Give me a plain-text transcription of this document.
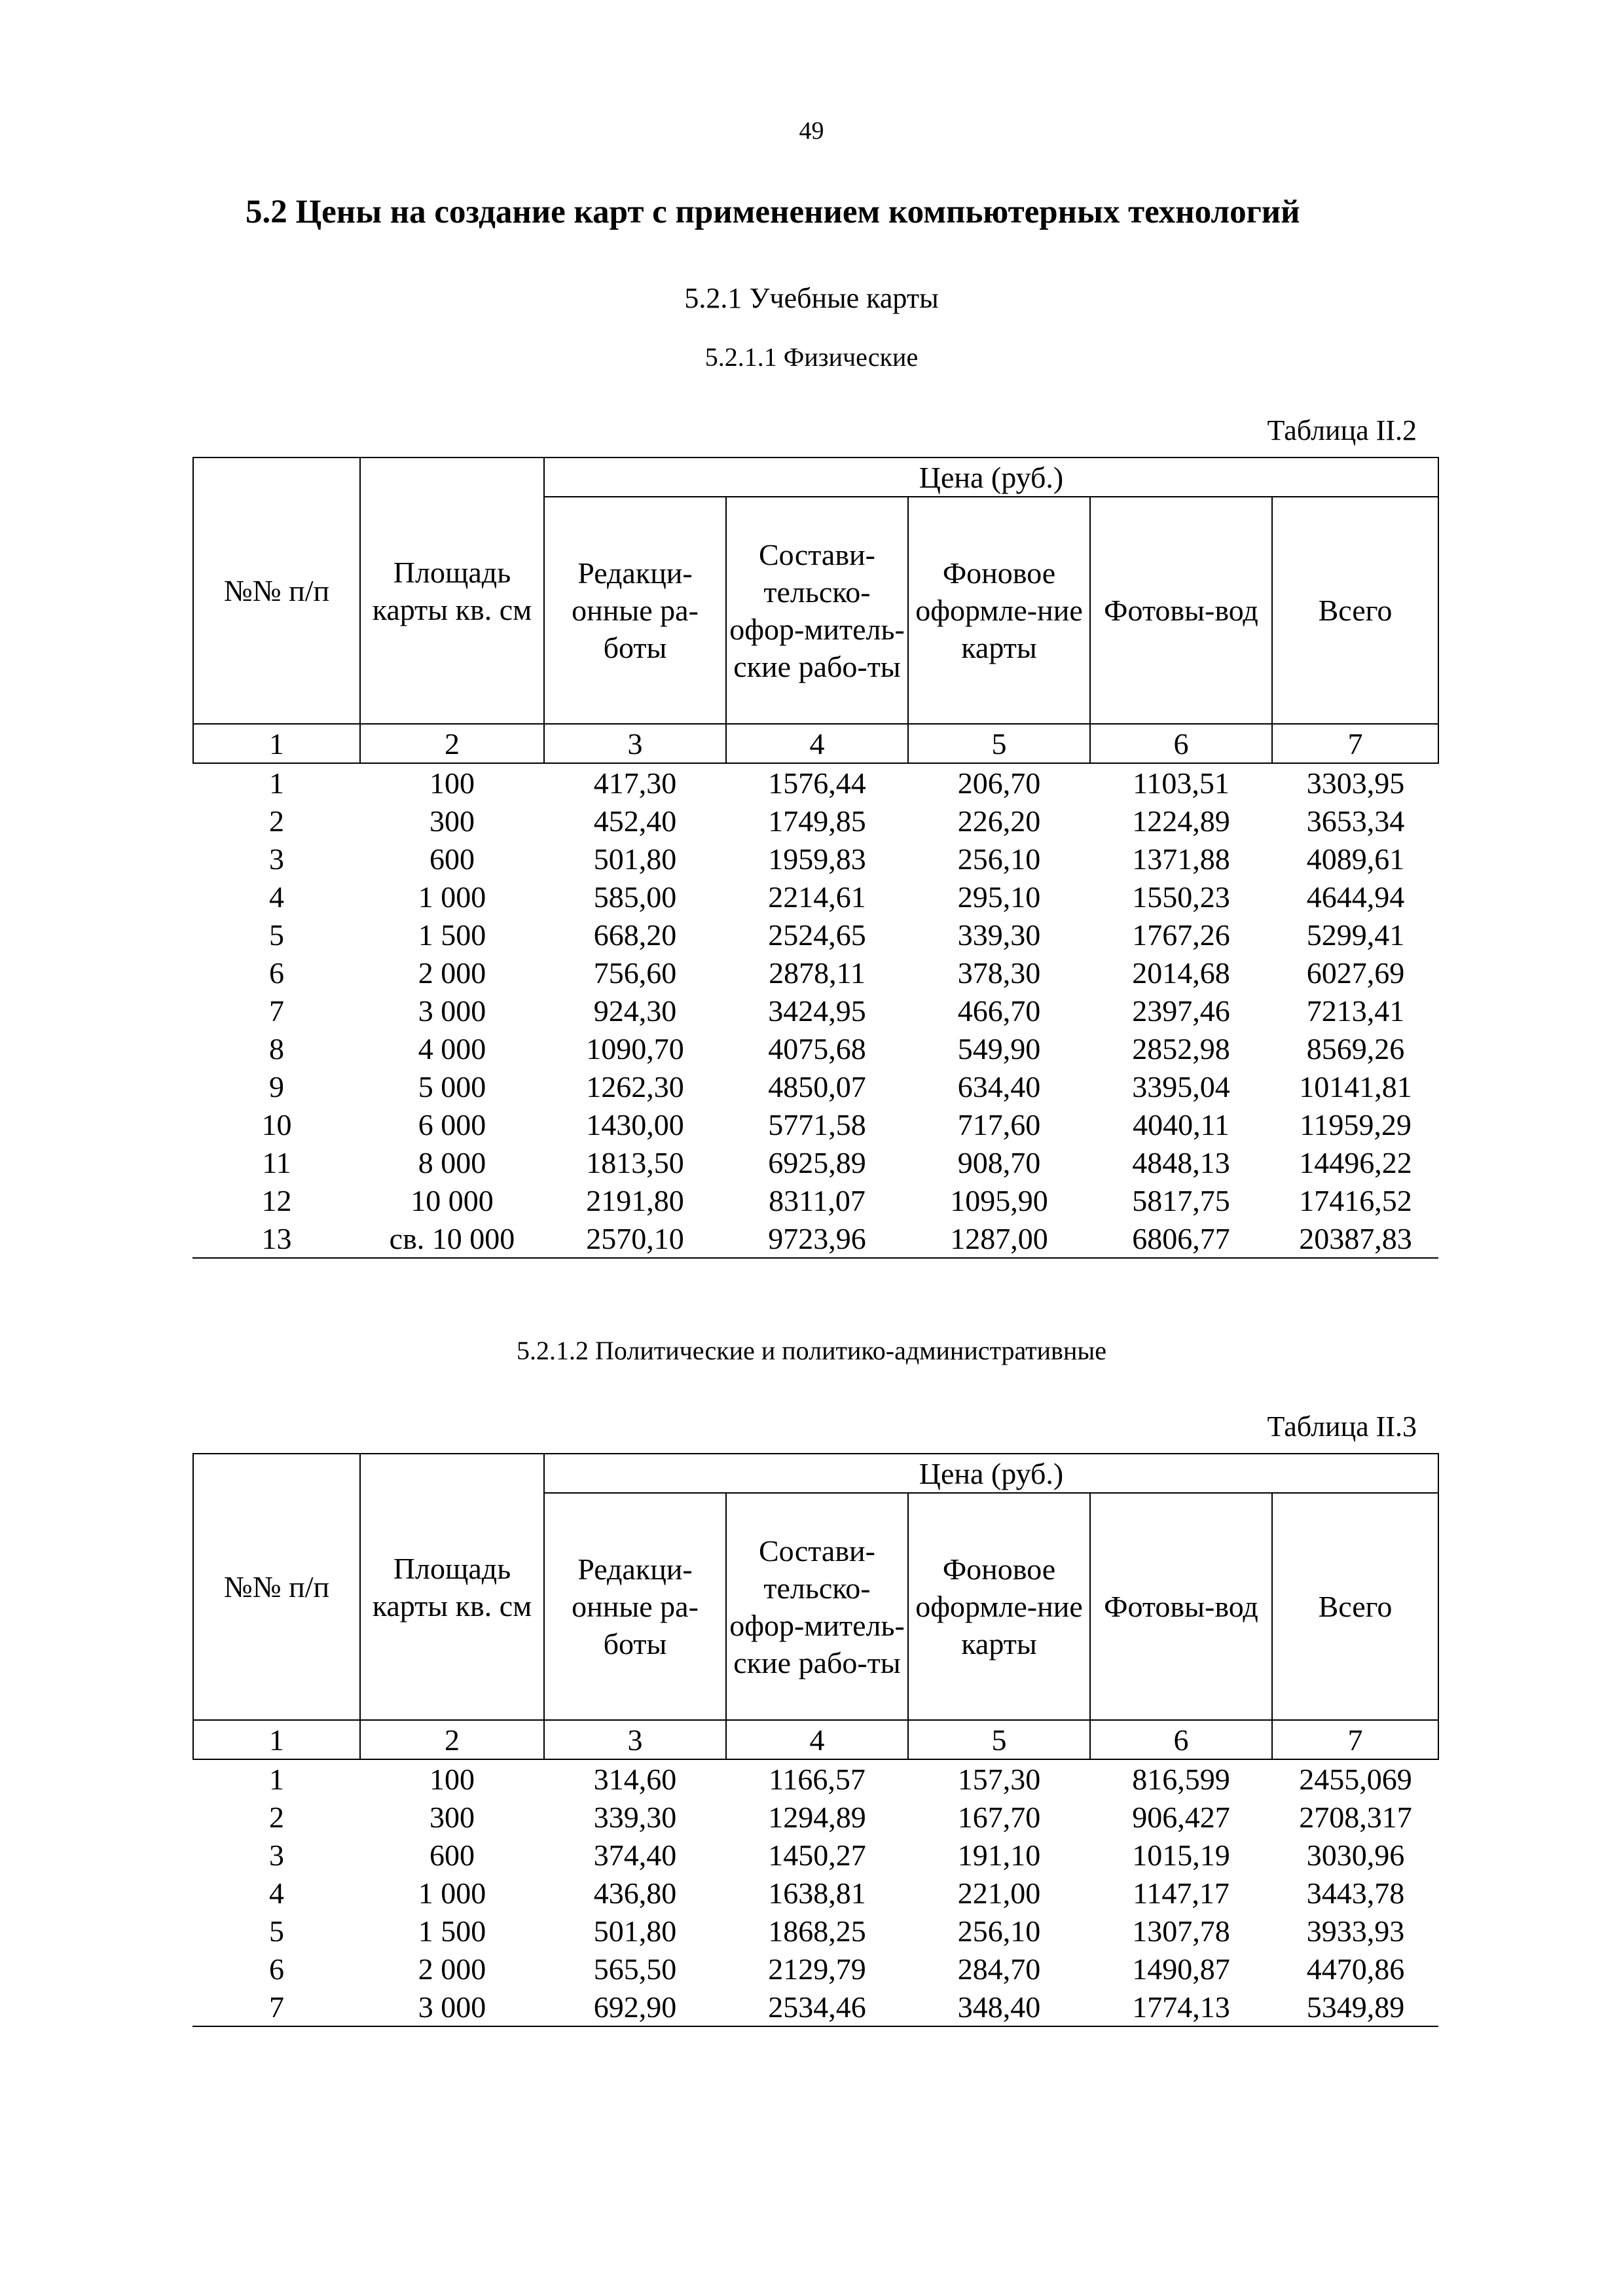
49
5.2 Цены на создание карт с применением компьютерных технологий
5.2.1 Учебные карты
5.2.1.1 Физические
Таблица II.2
№№ п/п	Площадь карты кв. см	Цена (руб.)				
		Редакци-онные ра-боты	Состави-тельско-офор-митель-ские рабо-ты	Фоновое оформле-ние карты	Фотовы-вод	Всего
1	2	3	4	5	6	7
1	100	417,30	1576,44	206,70	1103,51	3303,95
2	300	452,40	1749,85	226,20	1224,89	3653,34
3	600	501,80	1959,83	256,10	1371,88	4089,61
4	1 000	585,00	2214,61	295,10	1550,23	4644,94
5	1 500	668,20	2524,65	339,30	1767,26	5299,41
6	2 000	756,60	2878,11	378,30	2014,68	6027,69
7	3 000	924,30	3424,95	466,70	2397,46	7213,41
8	4 000	1090,70	4075,68	549,90	2852,98	8569,26
9	5 000	1262,30	4850,07	634,40	3395,04	10141,81
10	6 000	1430,00	5771,58	717,60	4040,11	11959,29
11	8 000	1813,50	6925,89	908,70	4848,13	14496,22
12	10 000	2191,80	8311,07	1095,90	5817,75	17416,52
13	св. 10 000	2570,10	9723,96	1287,00	6806,77	20387,83
5.2.1.2 Политические и политико-административные
Таблица II.3
№№ п/п	Площадь карты кв. см	Цена (руб.)				
		Редакци-онные ра-боты	Состави-тельско-офор-митель-ские рабо-ты	Фоновое оформле-ние карты	Фотовы-вод	Всего
1	2	3	4	5	6	7
1	100	314,60	1166,57	157,30	816,599	2455,069
2	300	339,30	1294,89	167,70	906,427	2708,317
3	600	374,40	1450,27	191,10	1015,19	3030,96
4	1 000	436,80	1638,81	221,00	1147,17	3443,78
5	1 500	501,80	1868,25	256,10	1307,78	3933,93
6	2 000	565,50	2129,79	284,70	1490,87	4470,86
7	3 000	692,90	2534,46	348,40	1774,13	5349,89
